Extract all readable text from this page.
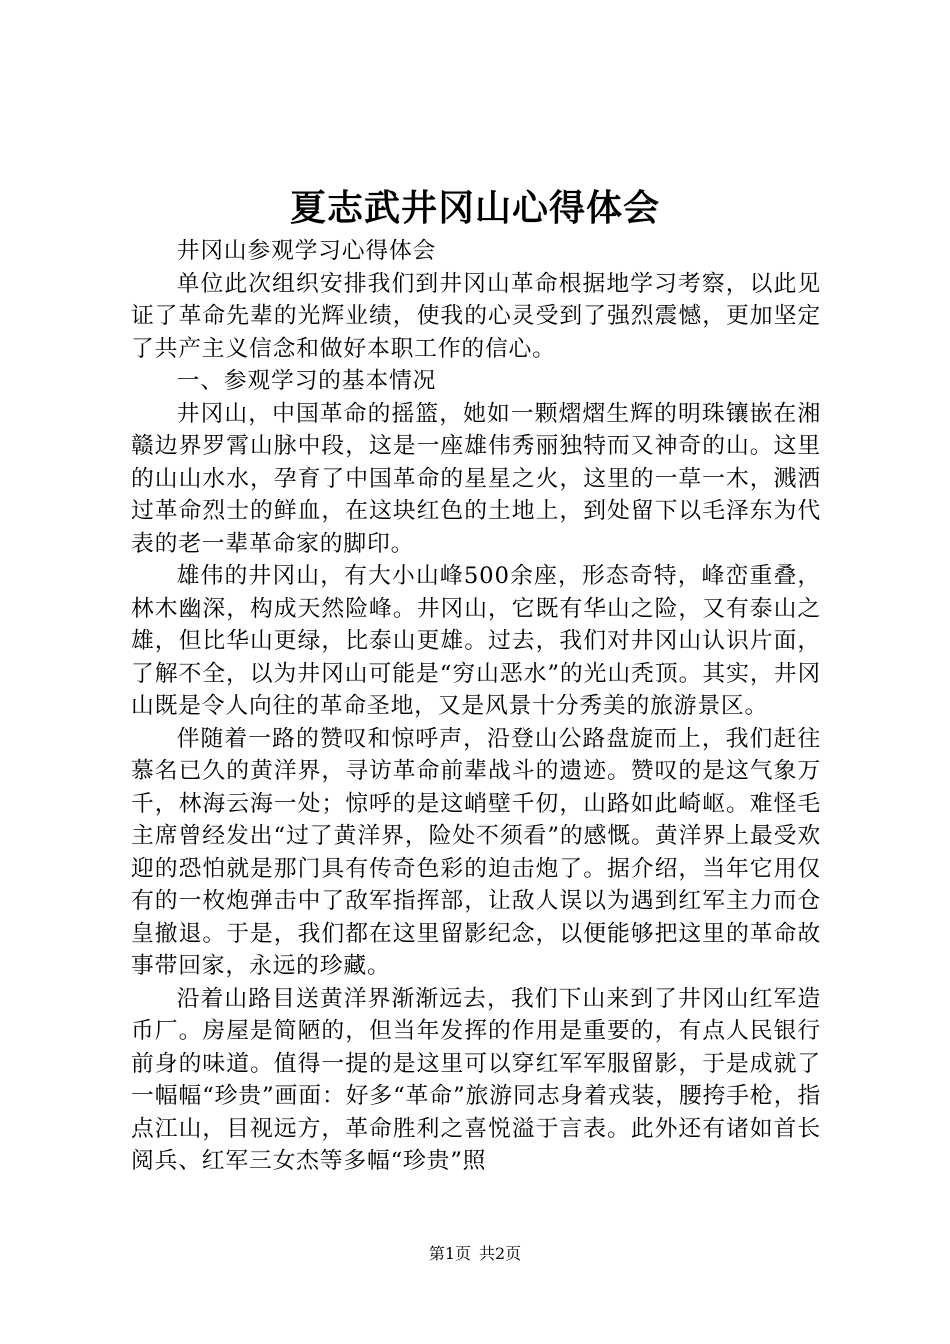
夏志武井冈山心得体会

井冈山参观学习心得体会

单位此次组织安排我们到井冈山革命根据地学习考察，以此见证了革命先辈的光辉业绩，使我的心灵受到了强烈震憾，更加坚定了共产主义信念和做好本职工作的信心。

一、参观学习的基本情况

井冈山，中国革命的摇篮，她如一颗熠熠生辉的明珠镶嵌在湘赣边界罗霄山脉中段，这是一座雄伟秀丽独特而又神奇的山。这里的山山水水，孕育了中国革命的星星之火，这里的一草一木，溅洒过革命烈士的鲜血，在这块红色的土地上，到处留下以毛泽东为代表的老一辈革命家的脚印。

雄伟的井冈山，有大小山峰500余座，形态奇特，峰峦重叠，林木幽深，构成天然险峰。井冈山，它既有华山之险，又有泰山之雄，但比华山更绿，比泰山更雄。过去，我们对井冈山认识片面，了解不全，以为井冈山可能是“穷山恶水”的光山秃顶。其实，井冈山既是令人向往的革命圣地，又是风景十分秀美的旅游景区。

伴随着一路的赞叹和惊呼声，沿登山公路盘旋而上，我们赶往慕名已久的黄洋界，寻访革命前辈战斗的遗迹。赞叹的是这气象万千，林海云海一处；惊呼的是这峭壁千仞，山路如此崎岖。难怪毛主席曾经发出“过了黄洋界，险处不须看”的感慨。黄洋界上最受欢迎的恐怕就是那门具有传奇色彩的迫击炮了。据介绍，当年它用仅有的一枚炮弹击中了敌军指挥部，让敌人误以为遇到红军主力而仓皇撤退。于是，我们都在这里留影纪念，以便能够把这里的革命故事带回家，永远的珍藏。

沿着山路目送黄洋界渐渐远去，我们下山来到了井冈山红军造币厂。房屋是简陋的，但当年发挥的作用是重要的，有点人民银行前身的味道。值得一提的是这里可以穿红军军服留影，于是成就了一幅幅“珍贵”画面：好多“革命”旅游同志身着戎装，腰挎手枪，指点江山，目视远方，革命胜利之喜悦溢于言表。此外还有诸如首长阅兵、红军三女杰等多幅“珍贵”照

第1页 共2页
